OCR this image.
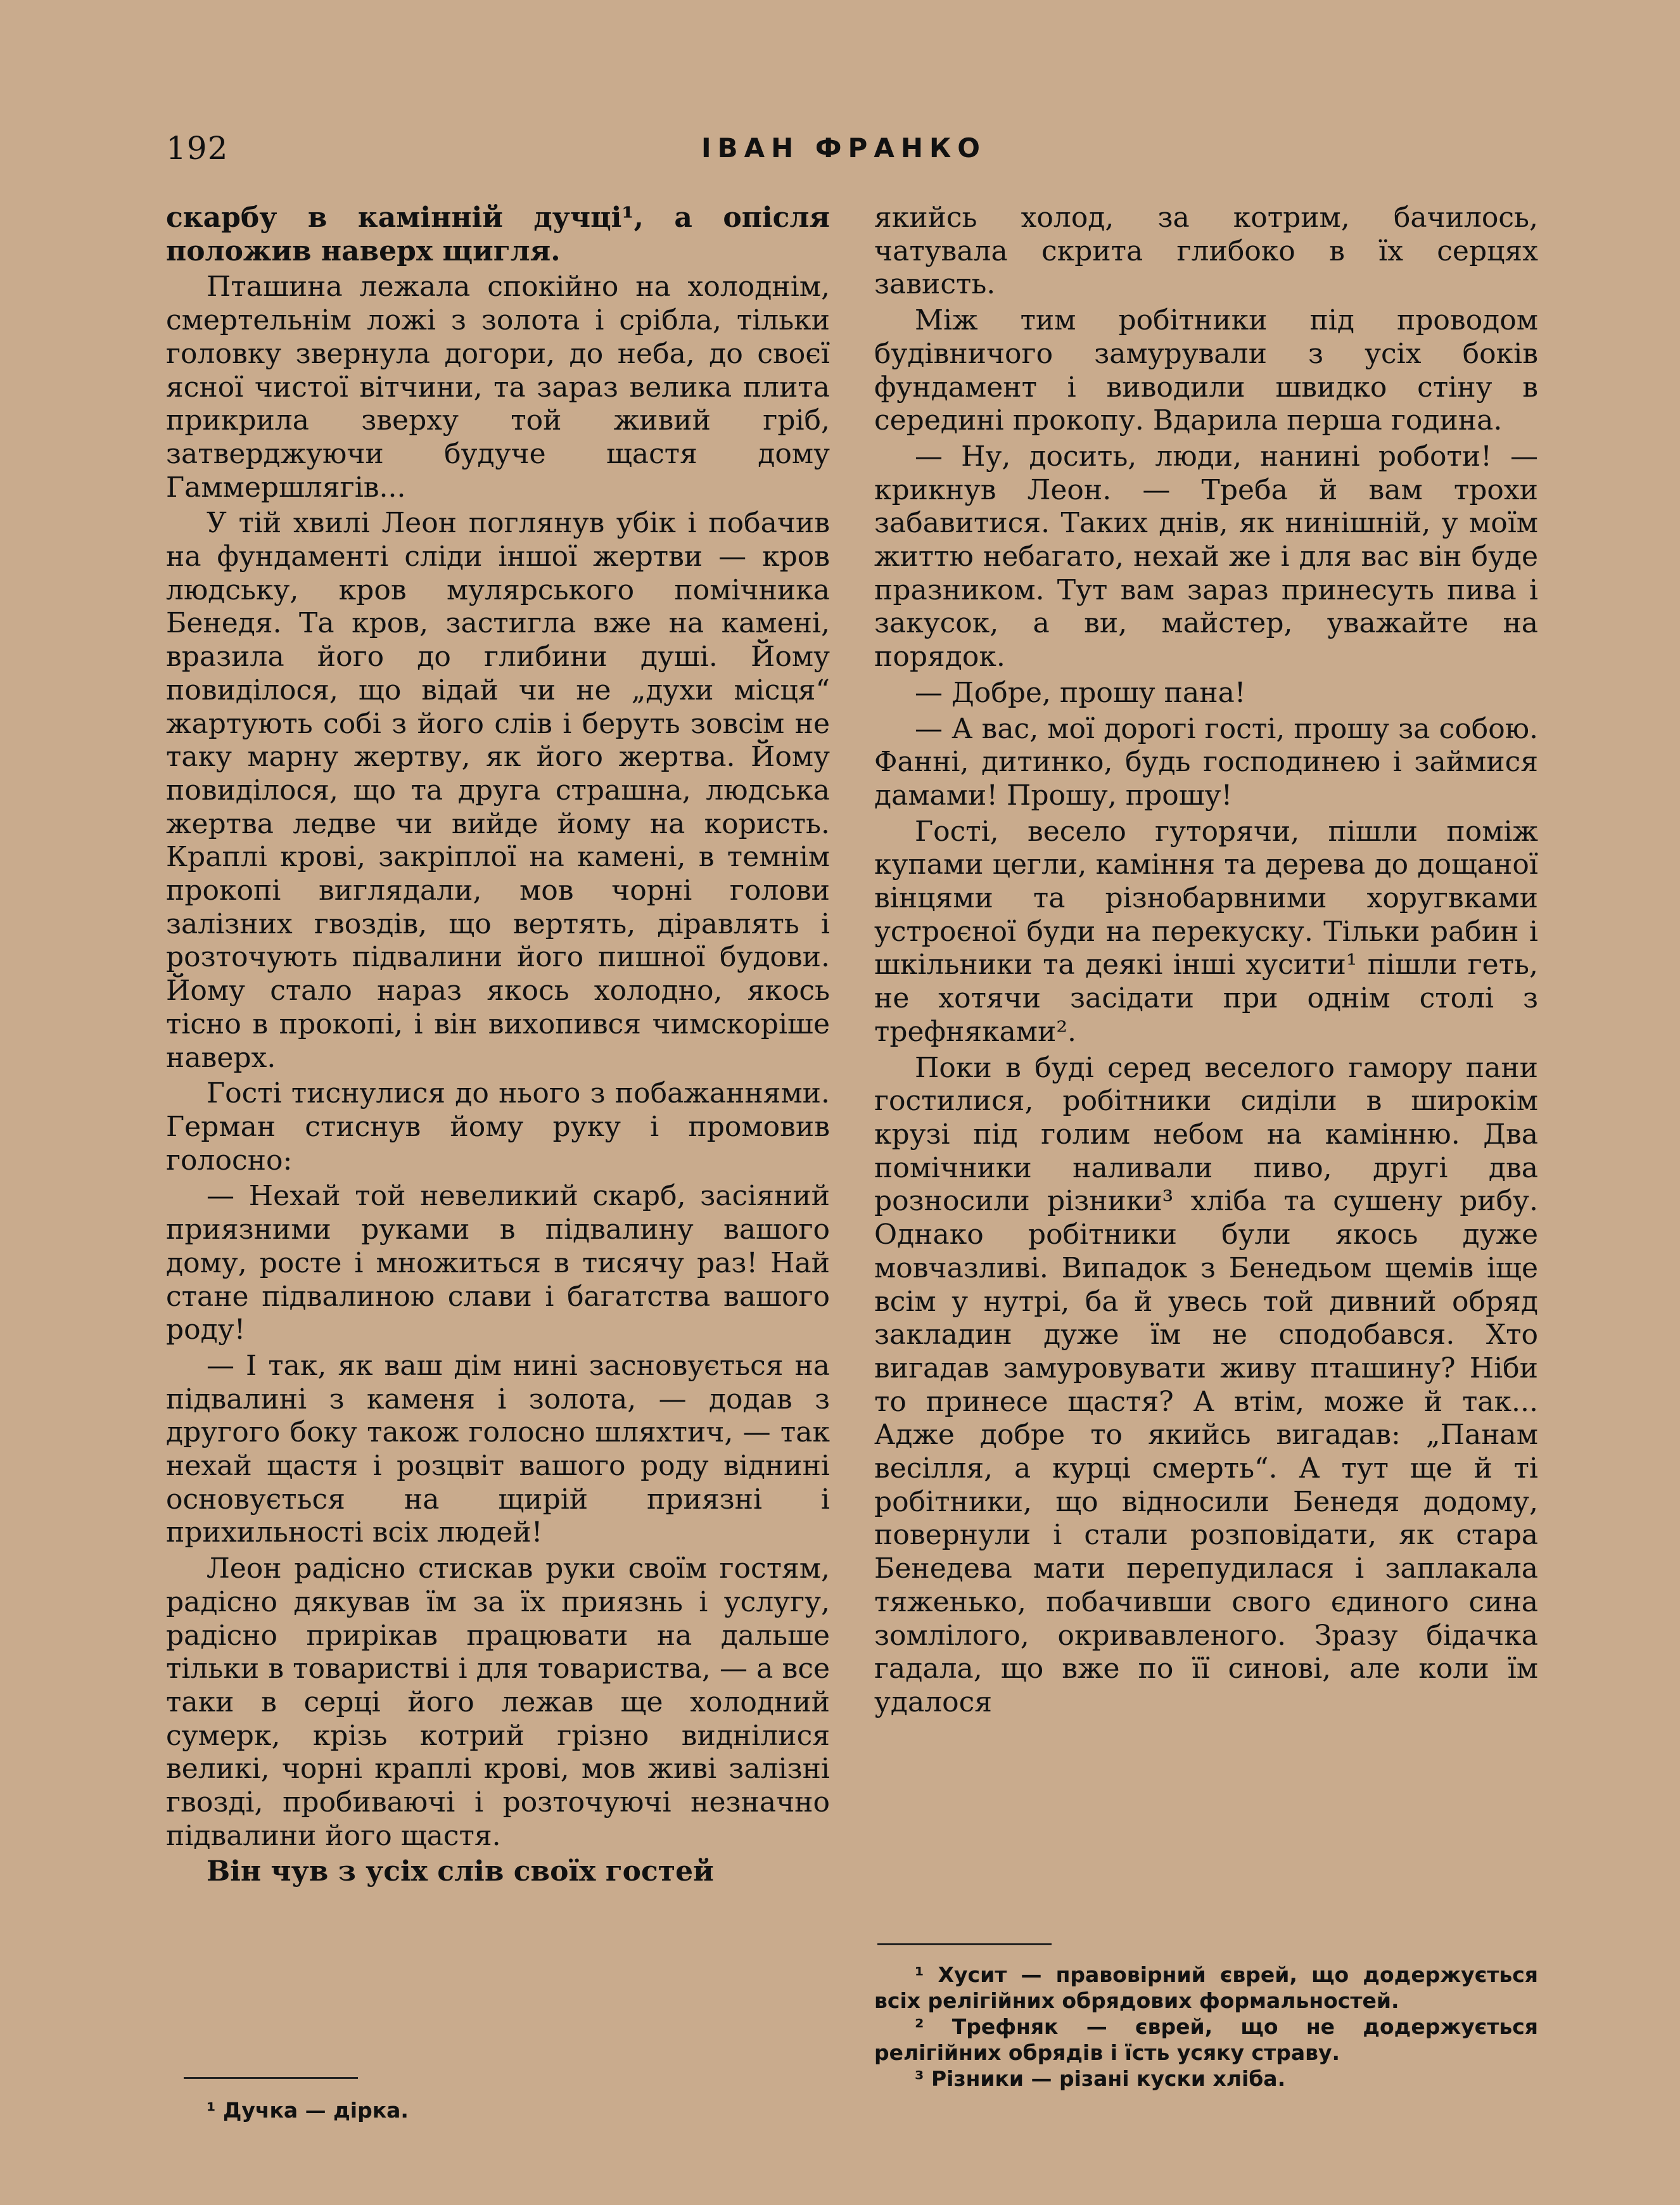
192	ІВАН ФРАНКО

скарбу в камінній дучці¹, а опісля положив наверх щигля.

Пташина лежала спокійно на холоднім, смертельнім ложі з золота і срібла, тільки головку звернула догори, до неба, до своєї ясної чистої вітчини, та зараз велика плита прикрила зверху той живий гріб, затверджуючи будуче щастя дому Гаммершлягів...

У тій хвилі Леон поглянув убік і побачив на фундаменті сліди іншої жертви — кров людську, кров мулярського помічника Бенедя. Та кров, застигла вже на камені, вразила його до глибини душі. Йому повиділося, що відай чи не „духи місця“ жартують собі з його слів і беруть зовсім не таку марну жертву, як його жертва. Йому повиділося, що та друга страшна, людська жертва ледве чи вийде йому на користь. Краплі крові, закріплої на камені, в темнім прокопі виглядали, мов чорні голови залізних гвоздів, що вертять, діравлять і розточують підвалини його пишної будови. Йому стало нараз якось холодно, якось тісно в прокопі, і він вихопився чимскоріше наверх.

Гості тиснулися до нього з побажаннями. Герман стиснув йому руку і промовив голосно:

— Нехай той невеликий скарб, засіяний приязними руками в підвалину вашого дому, росте і множиться в тисячу раз! Най стане підвалиною слави і багатства вашого роду!

— І так, як ваш дім нині засновується на підвалині з каменя і золота, — додав з другого боку також голосно шляхтич, — так нехай щастя і розцвіт вашого роду віднині основується на щирій приязні і прихильності всіх людей!

Леон радісно стискав руки своїм гостям, радісно дякував їм за їх приязнь і услугу, радісно прирікав працювати на дальше тільки в товаристві і для товариства, — а все таки в серці його лежав ще холодний сумерк, крізь котрий грізно виднілися великі, чорні краплі крові, мов живі залізні гвоздi, пробиваючі і розточуючі незначно підвалини його щастя.

Він чув з усіх слів своїх гостей

якийсь холод, за котрим, бачилось, чатувала скрита глибоко в їх серцях зависть.

Між тим робітники під проводом будівничого замурували з усіх боків фундамент і виводили швидко стіну в середині прокопу. Вдарила перша година.

— Ну, досить, люди, нанині роботи! — крикнув Леон. — Треба й вам трохи забавитися. Таких днів, як нинішній, у моїм життю небагато, нехай же і для вас він буде празником. Тут вам зараз принесуть пива і закусок, а ви, майстер, уважайте на порядок.

— Добре, прошу пана!

— А вас, мої дорогі гості, прошу за собою. Фанні, дитинко, будь господинею і займися дамами! Прошу, прошу!

Гості, весело гуторячи, пішли поміж купами цегли, каміння та дерева до дощаної вінцями та різнобарвними хоругвками устроєної буди на перекуску. Тільки рабин і шкільники та деякі інші хусити¹ пішли геть, не хотячи засідати при однім столі з трефняками².

Поки в буді серед веселого гамору пани гостилися, робітники сиділи в широкім крузі під голим небом на камінню. Два помічники наливали пиво, другі два розносили різники³ хліба та сушену рибу. Однако робітники були якось дуже мовчазливі. Випадок з Бенедьом щемів іще всім у нутрі, ба й увесь той дивний обряд закладин дуже їм не сподобався. Хто вигадав замуровувати живу пташину? Ніби то принесе щастя? А втім, може й так... Адже добре то якийсь вигадав: „Панам весілля, а курці смерть“. А тут ще й ті робітники, що відносили Бенедя додому, повернули і стали розповідати, як стара Бенедева мати перепудилася і заплакала тяженько, побачивши свого єдиного сина зомлілого, окривавленого. Зразу бідачка гадала, що вже по її синові, але коли їм удалося

¹ Дучка — дірка.

¹ Хусит — правовірний єврей, що додержується всіх релігійних обрядових формальностей.

² Трефняк — єврей, що не додержується релігійних обрядів і їсть усяку страву.

³ Різники — різані куски хліба.
